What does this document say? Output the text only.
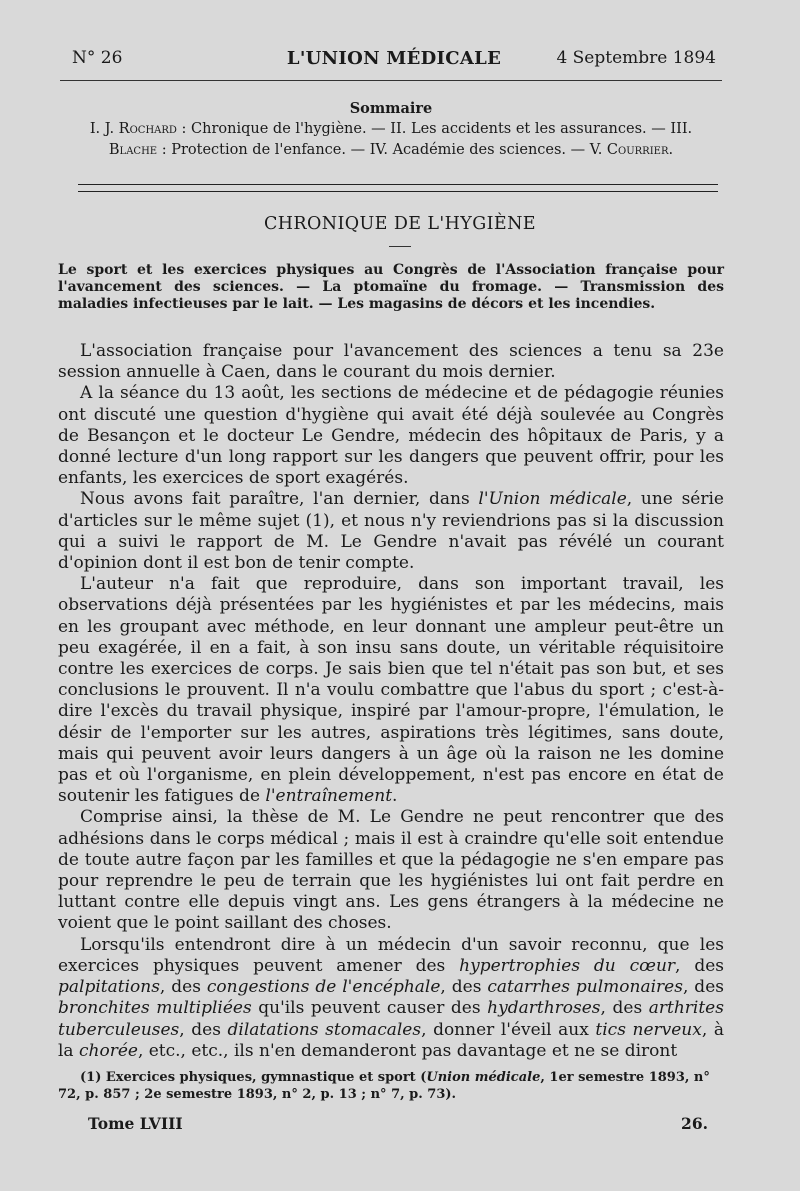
N° 26	L'UNION MÉDICALE	4 Septembre 1894
Sommaire
I. J. Rochard : Chronique de l'hygiène. — II. Les accidents et les assurances. — III.
Blache : Protection de l'enfance. — IV. Académie des sciences. — V. Courrier.
CHRONIQUE DE L'HYGIÈNE
Le sport et les exercices physiques au Congrès de l'Association française pour l'avancement des sciences. — La ptomaïne du fromage. — Transmission des maladies infectieuses par le lait. — Les magasins de décors et les incendies.

L'association française pour l'avancement des sciences a tenu sa 23e session annuelle à Caen, dans le courant du mois dernier.

A la séance du 13 août, les sections de médecine et de pédagogie réunies ont discuté une question d'hygiène qui avait été déjà soulevée au Congrès de Besançon et le docteur Le Gendre, médecin des hôpitaux de Paris, y a donné lecture d'un long rapport sur les dangers que peuvent offrir, pour les enfants, les exercices de sport exagérés.

Nous avons fait paraître, l'an dernier, dans l'Union médicale, une série d'articles sur le même sujet (1), et nous n'y reviendrions pas si la discussion qui a suivi le rapport de M. Le Gendre n'avait pas révélé un courant d'opinion dont il est bon de tenir compte.

L'auteur n'a fait que reproduire, dans son important travail, les observations déjà présentées par les hygiénistes et par les médecins, mais en les groupant avec méthode, en leur donnant une ampleur peut-être un peu exagérée, il en a fait, à son insu sans doute, un véritable réquisitoire contre les exercices de corps. Je sais bien que tel n'était pas son but, et ses conclusions le prouvent. Il n'a voulu combattre que l'abus du sport ; c'est-à-dire l'excès du travail physique, inspiré par l'amour-propre, l'émulation, le désir de l'emporter sur les autres, aspirations très légitimes, sans doute, mais qui peuvent avoir leurs dangers à un âge où la raison ne les domine pas et où l'organisme, en plein développement, n'est pas encore en état de soutenir les fatigues de l'entraînement.

Comprise ainsi, la thèse de M. Le Gendre ne peut rencontrer que des adhésions dans le corps médical ; mais il est à craindre qu'elle soit entendue de toute autre façon par les familles et que la pédagogie ne s'en empare pas pour reprendre le peu de terrain que les hygiénistes lui ont fait perdre en luttant contre elle depuis vingt ans. Les gens étrangers à la médecine ne voient que le point saillant des choses.

Lorsqu'ils entendront dire à un médecin d'un savoir reconnu, que les exercices physiques peuvent amener des hypertrophies du cœur, des palpitations, des congestions de l'encéphale, des catarrhes pulmonaires, des bronchites multipliées qu'ils peuvent causer des hydarthroses, des arthrites tuberculeuses, des dilatations stomacales, donner l'éveil aux tics nerveux, à la chorée, etc., etc., ils n'en demanderont pas davantage et ne se diront

(1) Exercices physiques, gymnastique et sport (Union médicale, 1er semestre 1893, n° 72, p. 857 ; 2e semestre 1893, n° 2, p. 13 ; n° 7, p. 73).

Tome LVIII	26.
